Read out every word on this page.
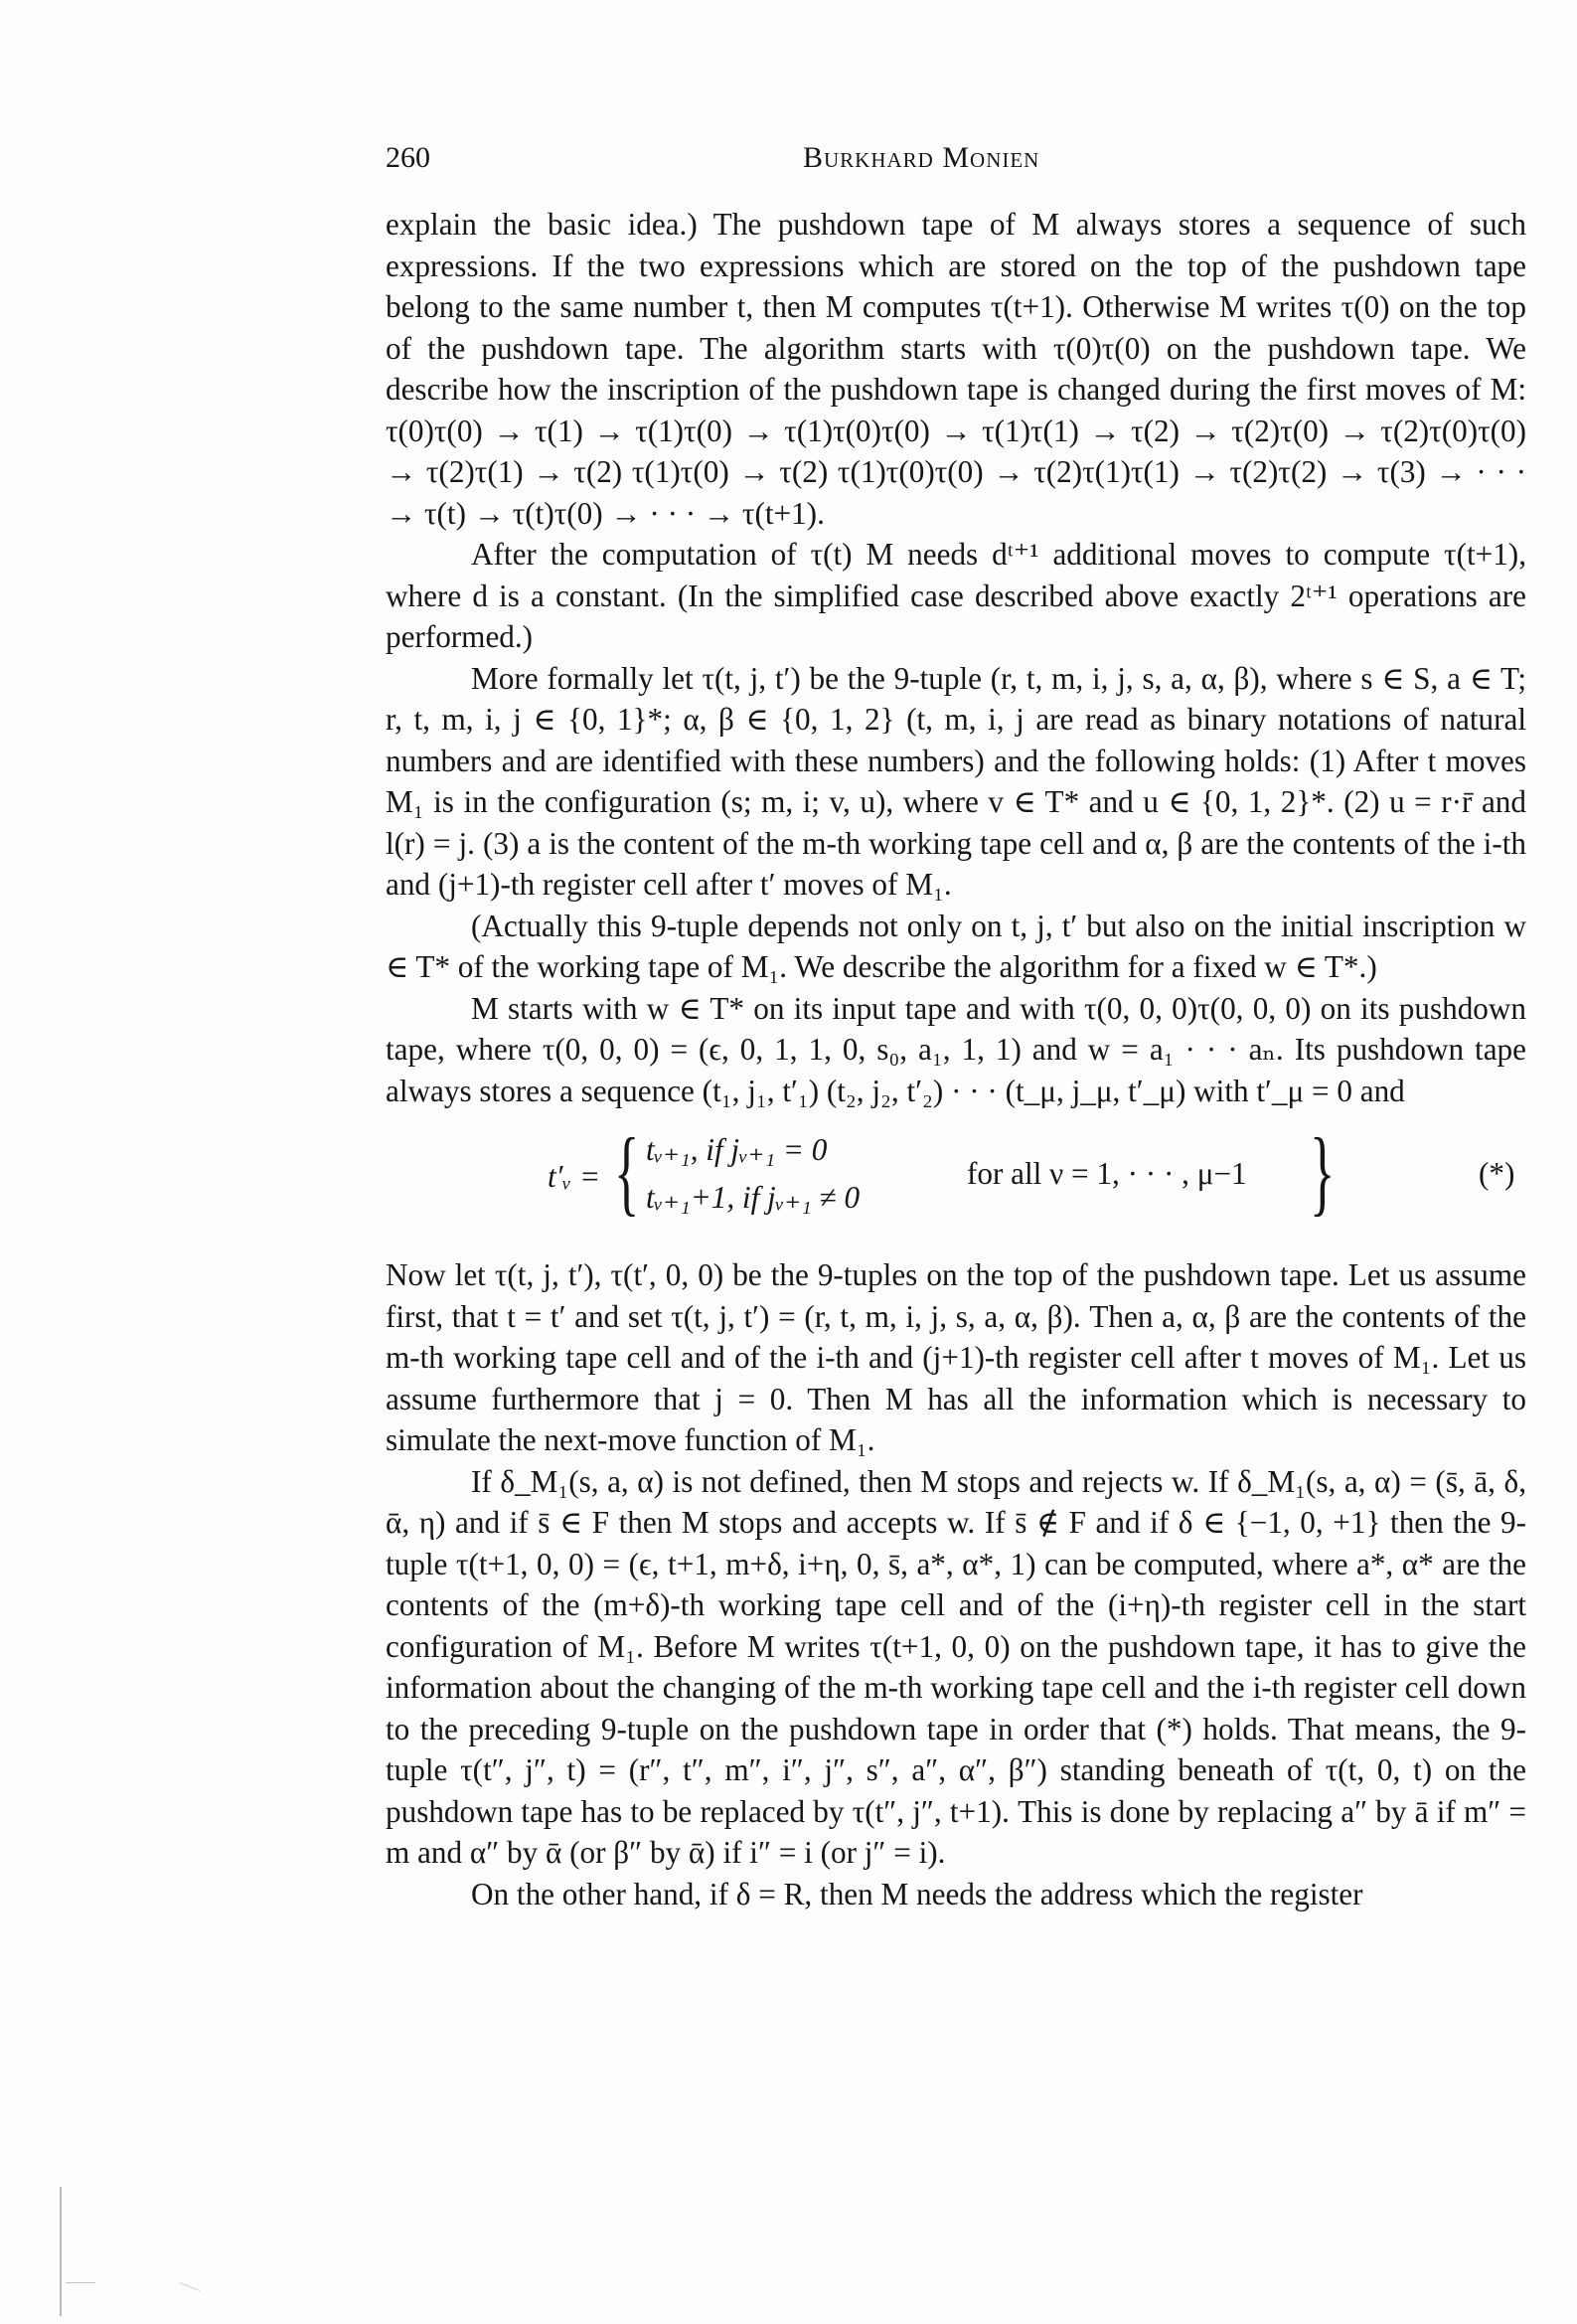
260	Burkhard Monien

explain the basic idea.) The pushdown tape of M always stores a sequence of such expressions. If the two expressions which are stored on the top of the pushdown tape belong to the same number t, then M computes τ(t+1). Otherwise M writes τ(0) on the top of the pushdown tape. The algorithm starts with τ(0)τ(0) on the pushdown tape. We describe how the inscription of the pushdown tape is changed during the first moves of M: τ(0)τ(0) → τ(1) → τ(1)τ(0) → τ(1)τ(0)τ(0) → τ(1)τ(1) → τ(2) → τ(2)τ(0) → τ(2)τ(0)τ(0) → τ(2)τ(1) → τ(2) τ(1)τ(0) → τ(2) τ(1)τ(0)τ(0) → τ(2)τ(1)τ(1) → τ(2)τ(2) → τ(3) → · · · → τ(t) → τ(t)τ(0) → · · · → τ(t+1).

After the computation of τ(t) M needs dᵗ⁺¹ additional moves to compute τ(t+1), where d is a constant. (In the simplified case described above exactly 2ᵗ⁺¹ operations are performed.)

More formally let τ(t, j, t′) be the 9-tuple (r, t, m, i, j, s, a, α, β), where s ∈ S, a ∈ T; r, t, m, i, j ∈ {0, 1}*; α, β ∈ {0, 1, 2} (t, m, i, j are read as binary notations of natural numbers and are identified with these numbers) and the following holds: (1) After t moves M₁ is in the configuration (s; m, i; v, u), where v ∈ T* and u ∈ {0, 1, 2}*. (2) u = r·r̄ and l(r) = j. (3) a is the content of the m-th working tape cell and α, β are the contents of the i-th and (j+1)-th register cell after t′ moves of M₁.

(Actually this 9-tuple depends not only on t, j, t′ but also on the initial inscription w ∈ T* of the working tape of M₁. We describe the algorithm for a fixed w ∈ T*.)

M starts with w ∈ T* on its input tape and with τ(0, 0, 0)τ(0, 0, 0) on its pushdown tape, where τ(0, 0, 0) = (ϵ, 0, 1, 1, 0, s₀, a₁, 1, 1) and w = a₁ · · · aₙ. Its pushdown tape always stores a sequence (t₁, j₁, t′₁) (t₂, j₂, t′₂) · · · (t_μ, j_μ, t′_μ) with t′_μ = 0 and

t′ᵥ = { tᵥ₊₁, if jᵥ₊₁ = 0
tᵥ₊₁+1, if jᵥ₊₁ ≠ 0
for all ν = 1, · · · , μ−1 }	(*)

Now let τ(t, j, t′), τ(t′, 0, 0) be the 9-tuples on the top of the pushdown tape. Let us assume first, that t = t′ and set τ(t, j, t′) = (r, t, m, i, j, s, a, α, β). Then a, α, β are the contents of the m-th working tape cell and of the i-th and (j+1)-th register cell after t moves of M₁. Let us assume furthermore that j = 0. Then M has all the information which is necessary to simulate the next-move function of M₁.

If δ_M₁(s, a, α) is not defined, then M stops and rejects w. If δ_M₁(s, a, α) = (s̄, ā, δ, ᾱ, η) and if s̄ ∈ F then M stops and accepts w. If s̄ ∉ F and if δ ∈ {−1, 0, +1} then the 9-tuple τ(t+1, 0, 0) = (ϵ, t+1, m+δ, i+η, 0, s̄, a*, α*, 1) can be computed, where a*, α* are the contents of the (m+δ)-th working tape cell and of the (i+η)-th register cell in the start configuration of M₁. Before M writes τ(t+1, 0, 0) on the pushdown tape, it has to give the information about the changing of the m-th working tape cell and the i-th register cell down to the preceding 9-tuple on the pushdown tape in order that (*) holds. That means, the 9-tuple τ(t″, j″, t) = (r″, t″, m″, i″, j″, s″, a″, α″, β″) standing beneath of τ(t, 0, t) on the pushdown tape has to be replaced by τ(t″, j″, t+1). This is done by replacing a″ by ā if m″ = m and α″ by ᾱ (or β″ by ᾱ) if i″ = i (or j″ = i).

On the other hand, if δ = R, then M needs the address which the register
